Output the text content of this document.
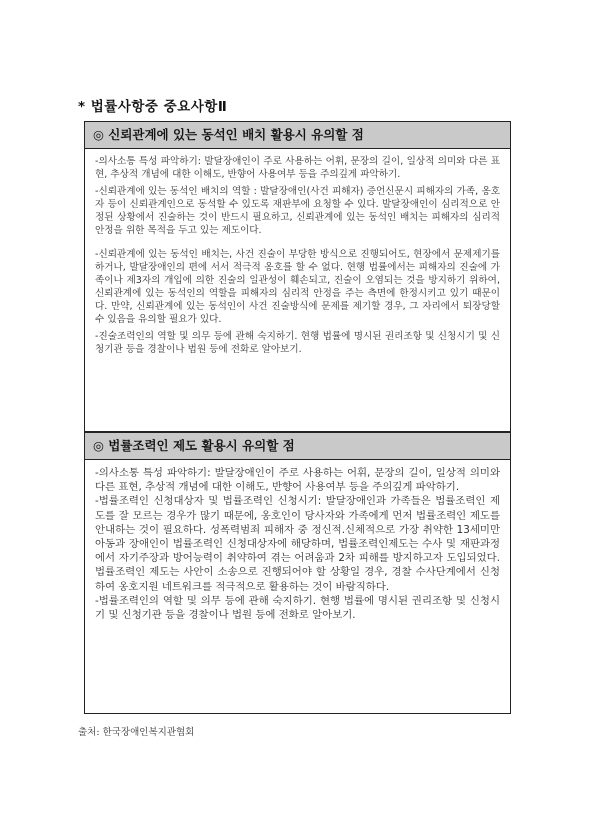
* 법률사항중 중요사항Ⅱ
◎ 신뢰관계에 있는 동석인 배치 활용시 유의할 점

-의사소통 특성 파악하기: 발달장애인이 주로 사용하는 어휘, 문장의 길이, 일상적 의미와 다른 표현, 추상적 개념에 대한 이해도, 반향어 사용여부 등을 주의깊게 파악하기.

-신뢰관계에 있는 동석인 배치의 역할 : 발달장애인(사건 피해자) 증언신문시 피해자의 가족, 옹호자 등이 신뢰관계인으로 동석할 수 있도록 재판부에 요청할 수 있다. 발달장애인이 심리적으로 안정된 상황에서 진술하는 것이 반드시 필요하고, 신뢰관계에 있는 동석인 배치는 피해자의 심리적 안정을 위한 목적을 두고 있는 제도이다.

-신뢰관계에 있는 동석인 배치는, 사건 진술이 부당한 방식으로 진행되어도, 현장에서 문제제기를 하거나, 발달장애인의 편에 서서 적극적 옹호를 할 수 없다. 현행 법률에서는 피해자의 진술에 가족이나 제3자의 개입에 의한 진술의 일관성이 훼손되고, 진술이 오염되는 것을 방지하기 위하여, 신뢰관계에 있는 동석인의 역할을 피해자의 심리적 안정을 주는 측면에 한정시키고 있기 때문이다. 만약, 신뢰관계에 있는 동석인이 사건 진술방식에 문제를 제기할 경우, 그 자리에서 퇴장당할 수 있음을 유의할 필요가 있다.

-진술조력인의 역할 및 의무 등에 관해 숙지하기. 현행 법률에 명시된 권리조항 및 신청시기 및 신청기관 등을 경찰이나 법원 등에 전화로 알아보기.

◎ 법률조력인 제도 활용시 유의할 점

-의사소통 특성 파악하기: 발달장애인이 주로 사용하는 어휘, 문장의 길이, 일상적 의미와 다른 표현, 추상적 개념에 대한 이해도, 반향어 사용여부 등을 주의깊게 파악하기.

-법률조력인 신청대상자 및 법률조력인 신청시기: 발달장애인과 가족들은 법률조력인 제도를 잘 모르는 경우가 많기 때문에, 옹호인이 당사자와 가족에게 먼저 법률조력인 제도를 안내하는 것이 필요하다. 성폭력범죄 피해자 중 정신적.신체적으로 가장 취약한 13세미만 아동과 장애인이 법률조력인 신청대상자에 해당하며, 법률조력인제도는 수사 및 재판과정에서 자기주장과 방어능력이 취약하여 겪는 어려움과 2차 피해를 방지하고자 도입되었다. 법률조력인 제도는 사안이 소송으로 진행되어야 할 상황일 경우, 경찰 수사단계에서 신청하여 옹호지원 네트워크를 적극적으로 활용하는 것이 바람직하다.

-법률조력인의 역할 및 의무 등에 관해 숙지하기. 현행 법률에 명시된 권리조항 및 신청시기 및 신청기관 등을 경찰이나 법원 등에 전화로 알아보기.

출처: 한국장애인복지관협회
